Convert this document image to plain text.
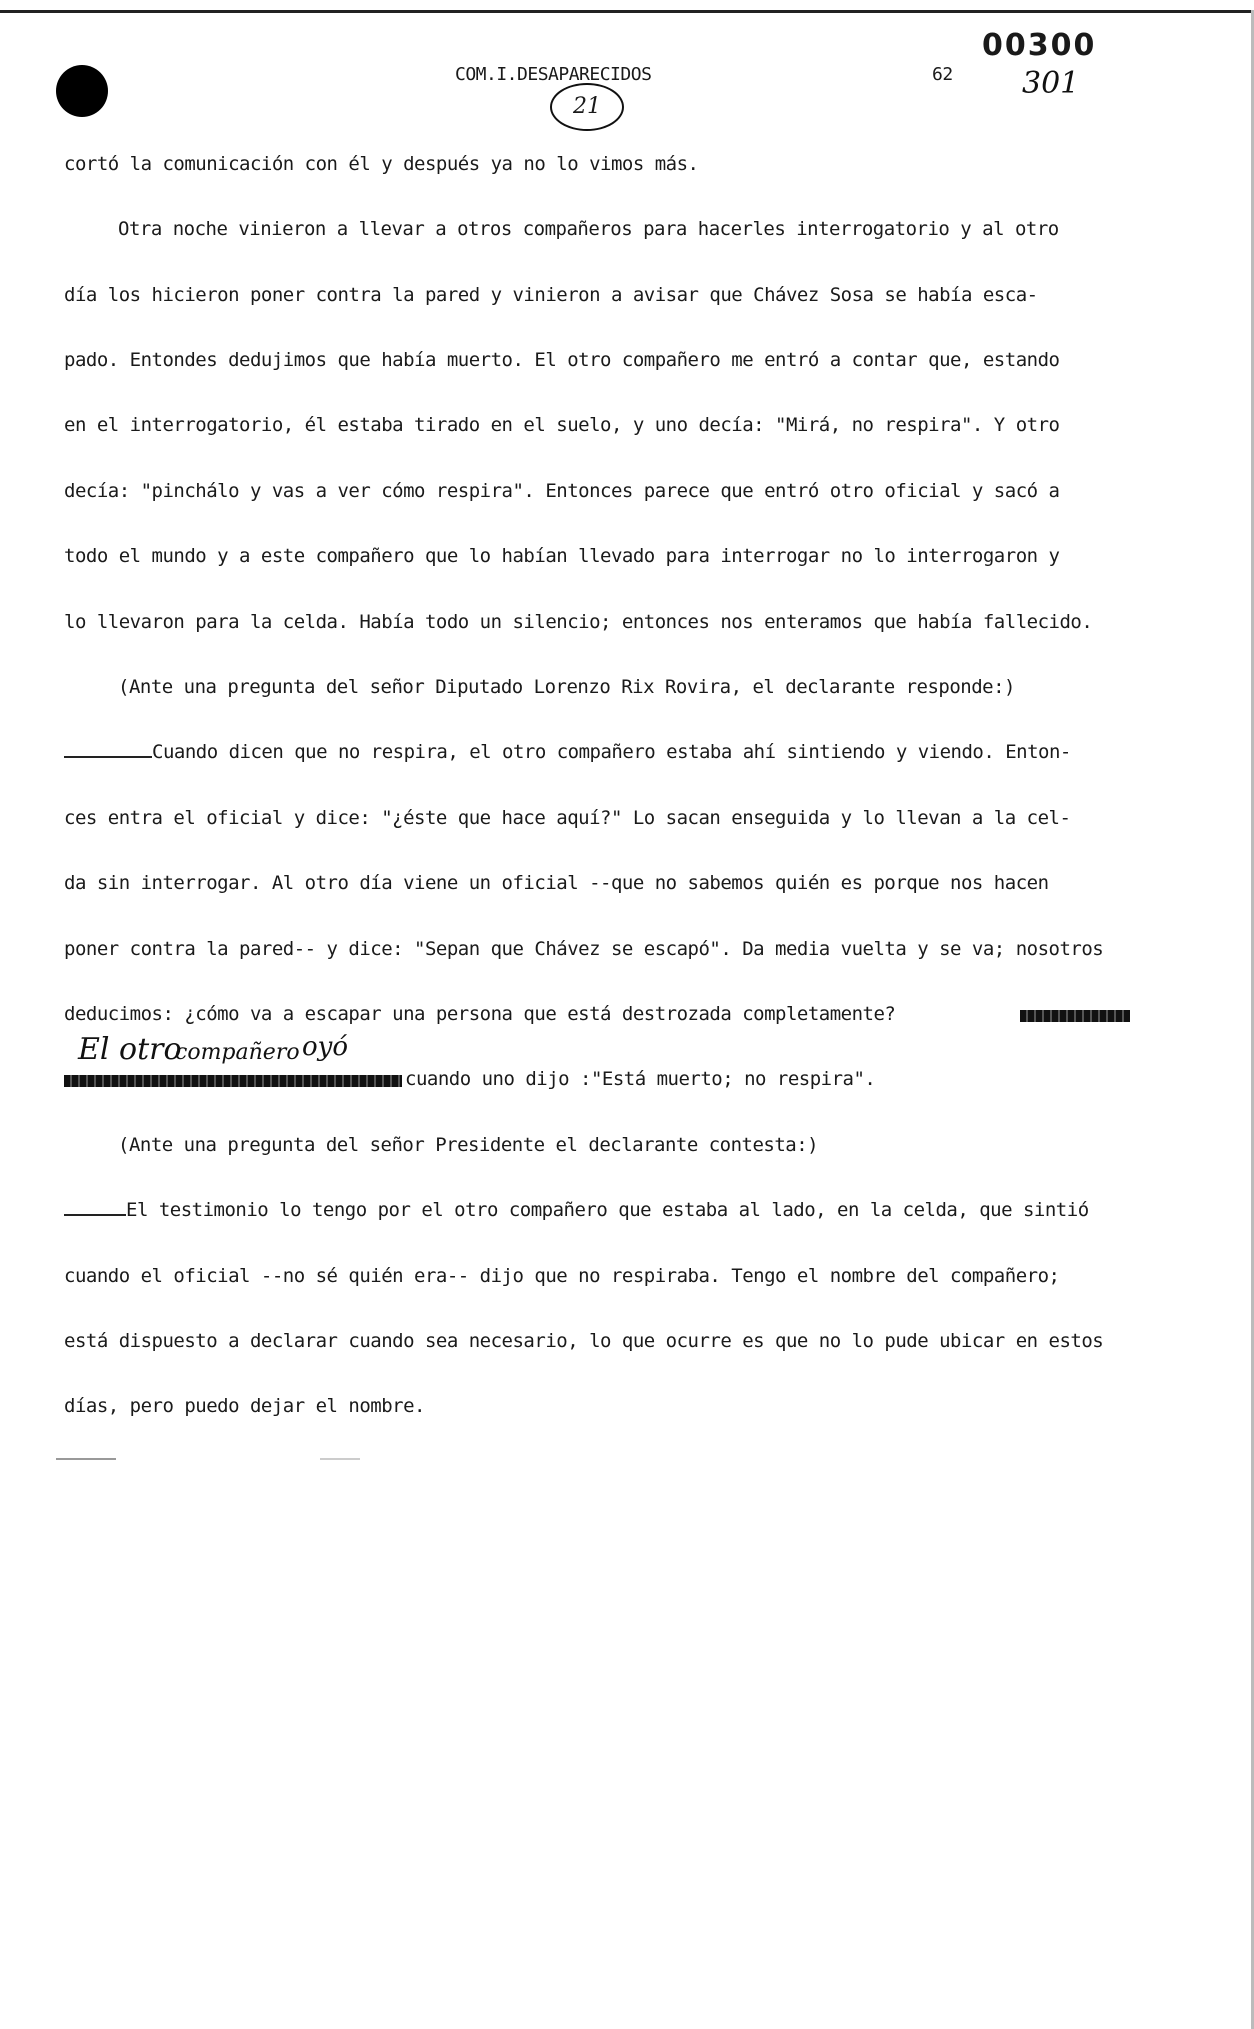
00300
301
COM.I.DESAPARECIDOS	62
21
cortó la comunicación con él y después ya no lo vimos más.
Otra noche vinieron a llevar a otros compañeros para hacerles interrogatorio y al otro
día los hicieron poner contra la pared y vinieron a avisar que Chávez Sosa se había esca-
pado. Entondes dedujimos que había muerto. El otro compañero me entró a contar que, estando
en el interrogatorio, él estaba tirado en el suelo, y uno decía: "Mirá, no respira". Y otro
decía: "pinchálo y vas a ver cómo respira". Entonces parece que entró otro oficial y sacó a
todo el mundo y a este compañero que lo habían llevado para interrogar no lo interrogaron y
lo llevaron para la celda. Había todo un silencio; entonces nos enteramos que había fallecido.
(Ante una pregunta del señor Diputado Lorenzo Rix Rovira, el declarante responde:)
Cuando dicen que no respira, el otro compañero estaba ahí sintiendo y viendo. Enton-
ces entra el oficial y dice: "¿éste que hace aquí?" Lo sacan enseguida y lo llevan a la cel-
da sin interrogar. Al otro día viene un oficial --que no sabemos quién es porque nos hacen
poner contra la pared-- y dice: "Sepan que Chávez se escapó". Da media vuelta y se va; nosotros
deducimos: ¿cómo va a escapar una persona que está destrozada completamente?
El otro
compañero oyó
cuando uno dijo :"Está muerto; no respira".
(Ante una pregunta del señor Presidente el declarante contesta:)
El testimonio lo tengo por el otro compañero que estaba al lado, en la celda, que sintió
cuando el oficial --no sé quién era-- dijo que no respiraba. Tengo el nombre del compañero;
está dispuesto a declarar cuando sea necesario, lo que ocurre es que no lo pude ubicar en estos
días, pero puedo dejar el nombre.
